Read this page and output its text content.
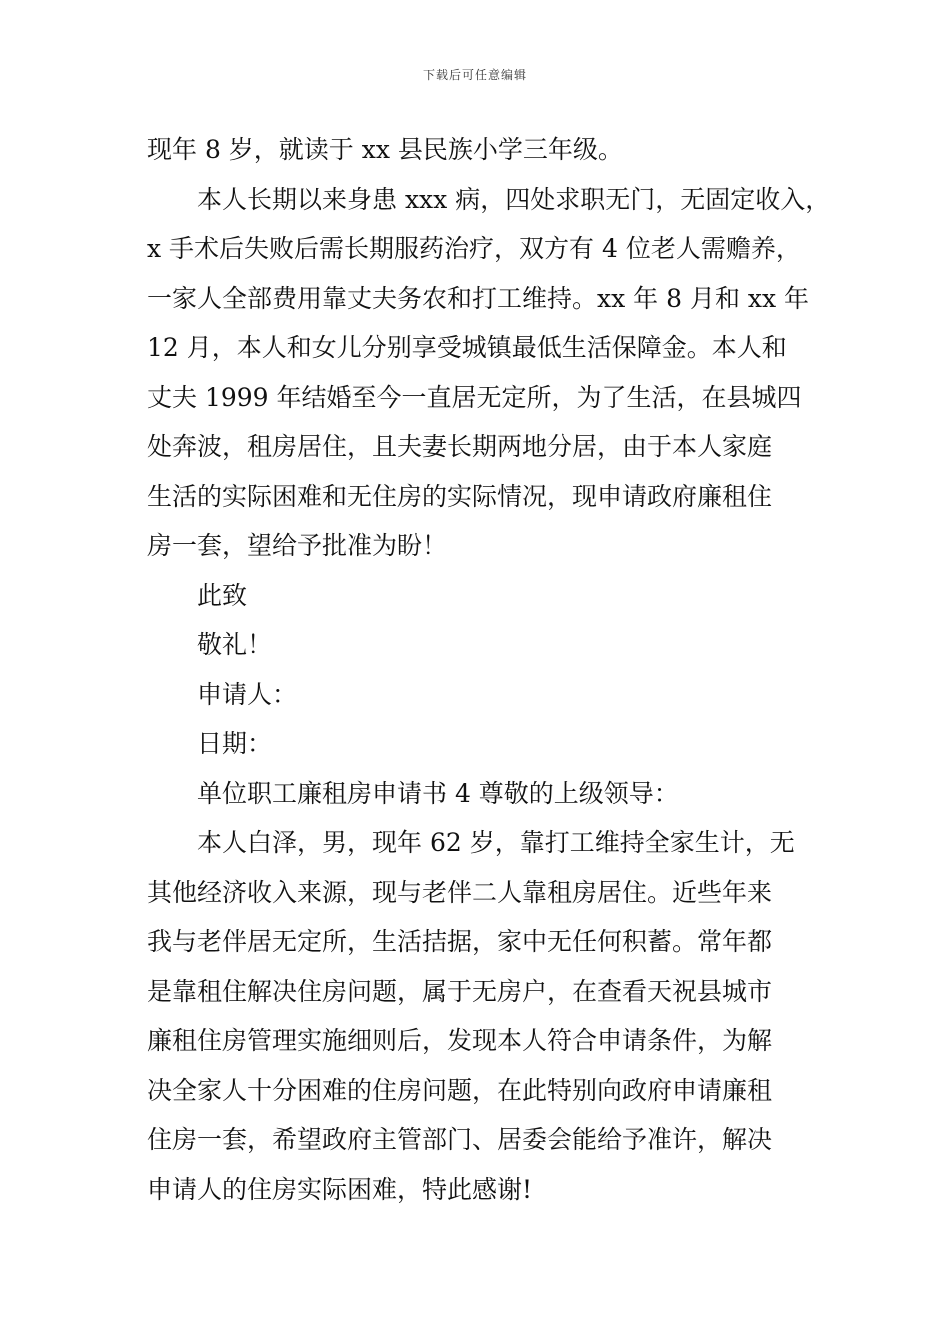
下载后可任意编辑
现年 8 岁，就读于 xx 县民族小学三年级。
本人长期以来身患 xxx 病，四处求职无门，无固定收入，
x 手术后失败后需长期服药治疗，双方有 4 位老人需赡养，
一家人全部费用靠丈夫务农和打工维持。xx 年 8 月和 xx 年
12 月，本人和女儿分别享受城镇最低生活保障金。本人和
丈夫 1999 年结婚至今一直居无定所，为了生活，在县城四
处奔波，租房居住，且夫妻长期两地分居，由于本人家庭
生活的实际困难和无住房的实际情况，现申请政府廉租住
房一套，望给予批准为盼！
此致
敬礼！
申请人：
日期：
单位职工廉租房申请书 4 尊敬的上级领导：
本人白泽，男，现年 62 岁，靠打工维持全家生计，无
其他经济收入来源，现与老伴二人靠租房居住。近些年来
我与老伴居无定所，生活拮据，家中无任何积蓄。常年都
是靠租住解决住房问题，属于无房户，在查看天祝县城市
廉租住房管理实施细则后，发现本人符合申请条件，为解
决全家人十分困难的住房问题，在此特别向政府申请廉租
住房一套，希望政府主管部门、居委会能给予准许，解决
申请人的住房实际困难，特此感谢!
